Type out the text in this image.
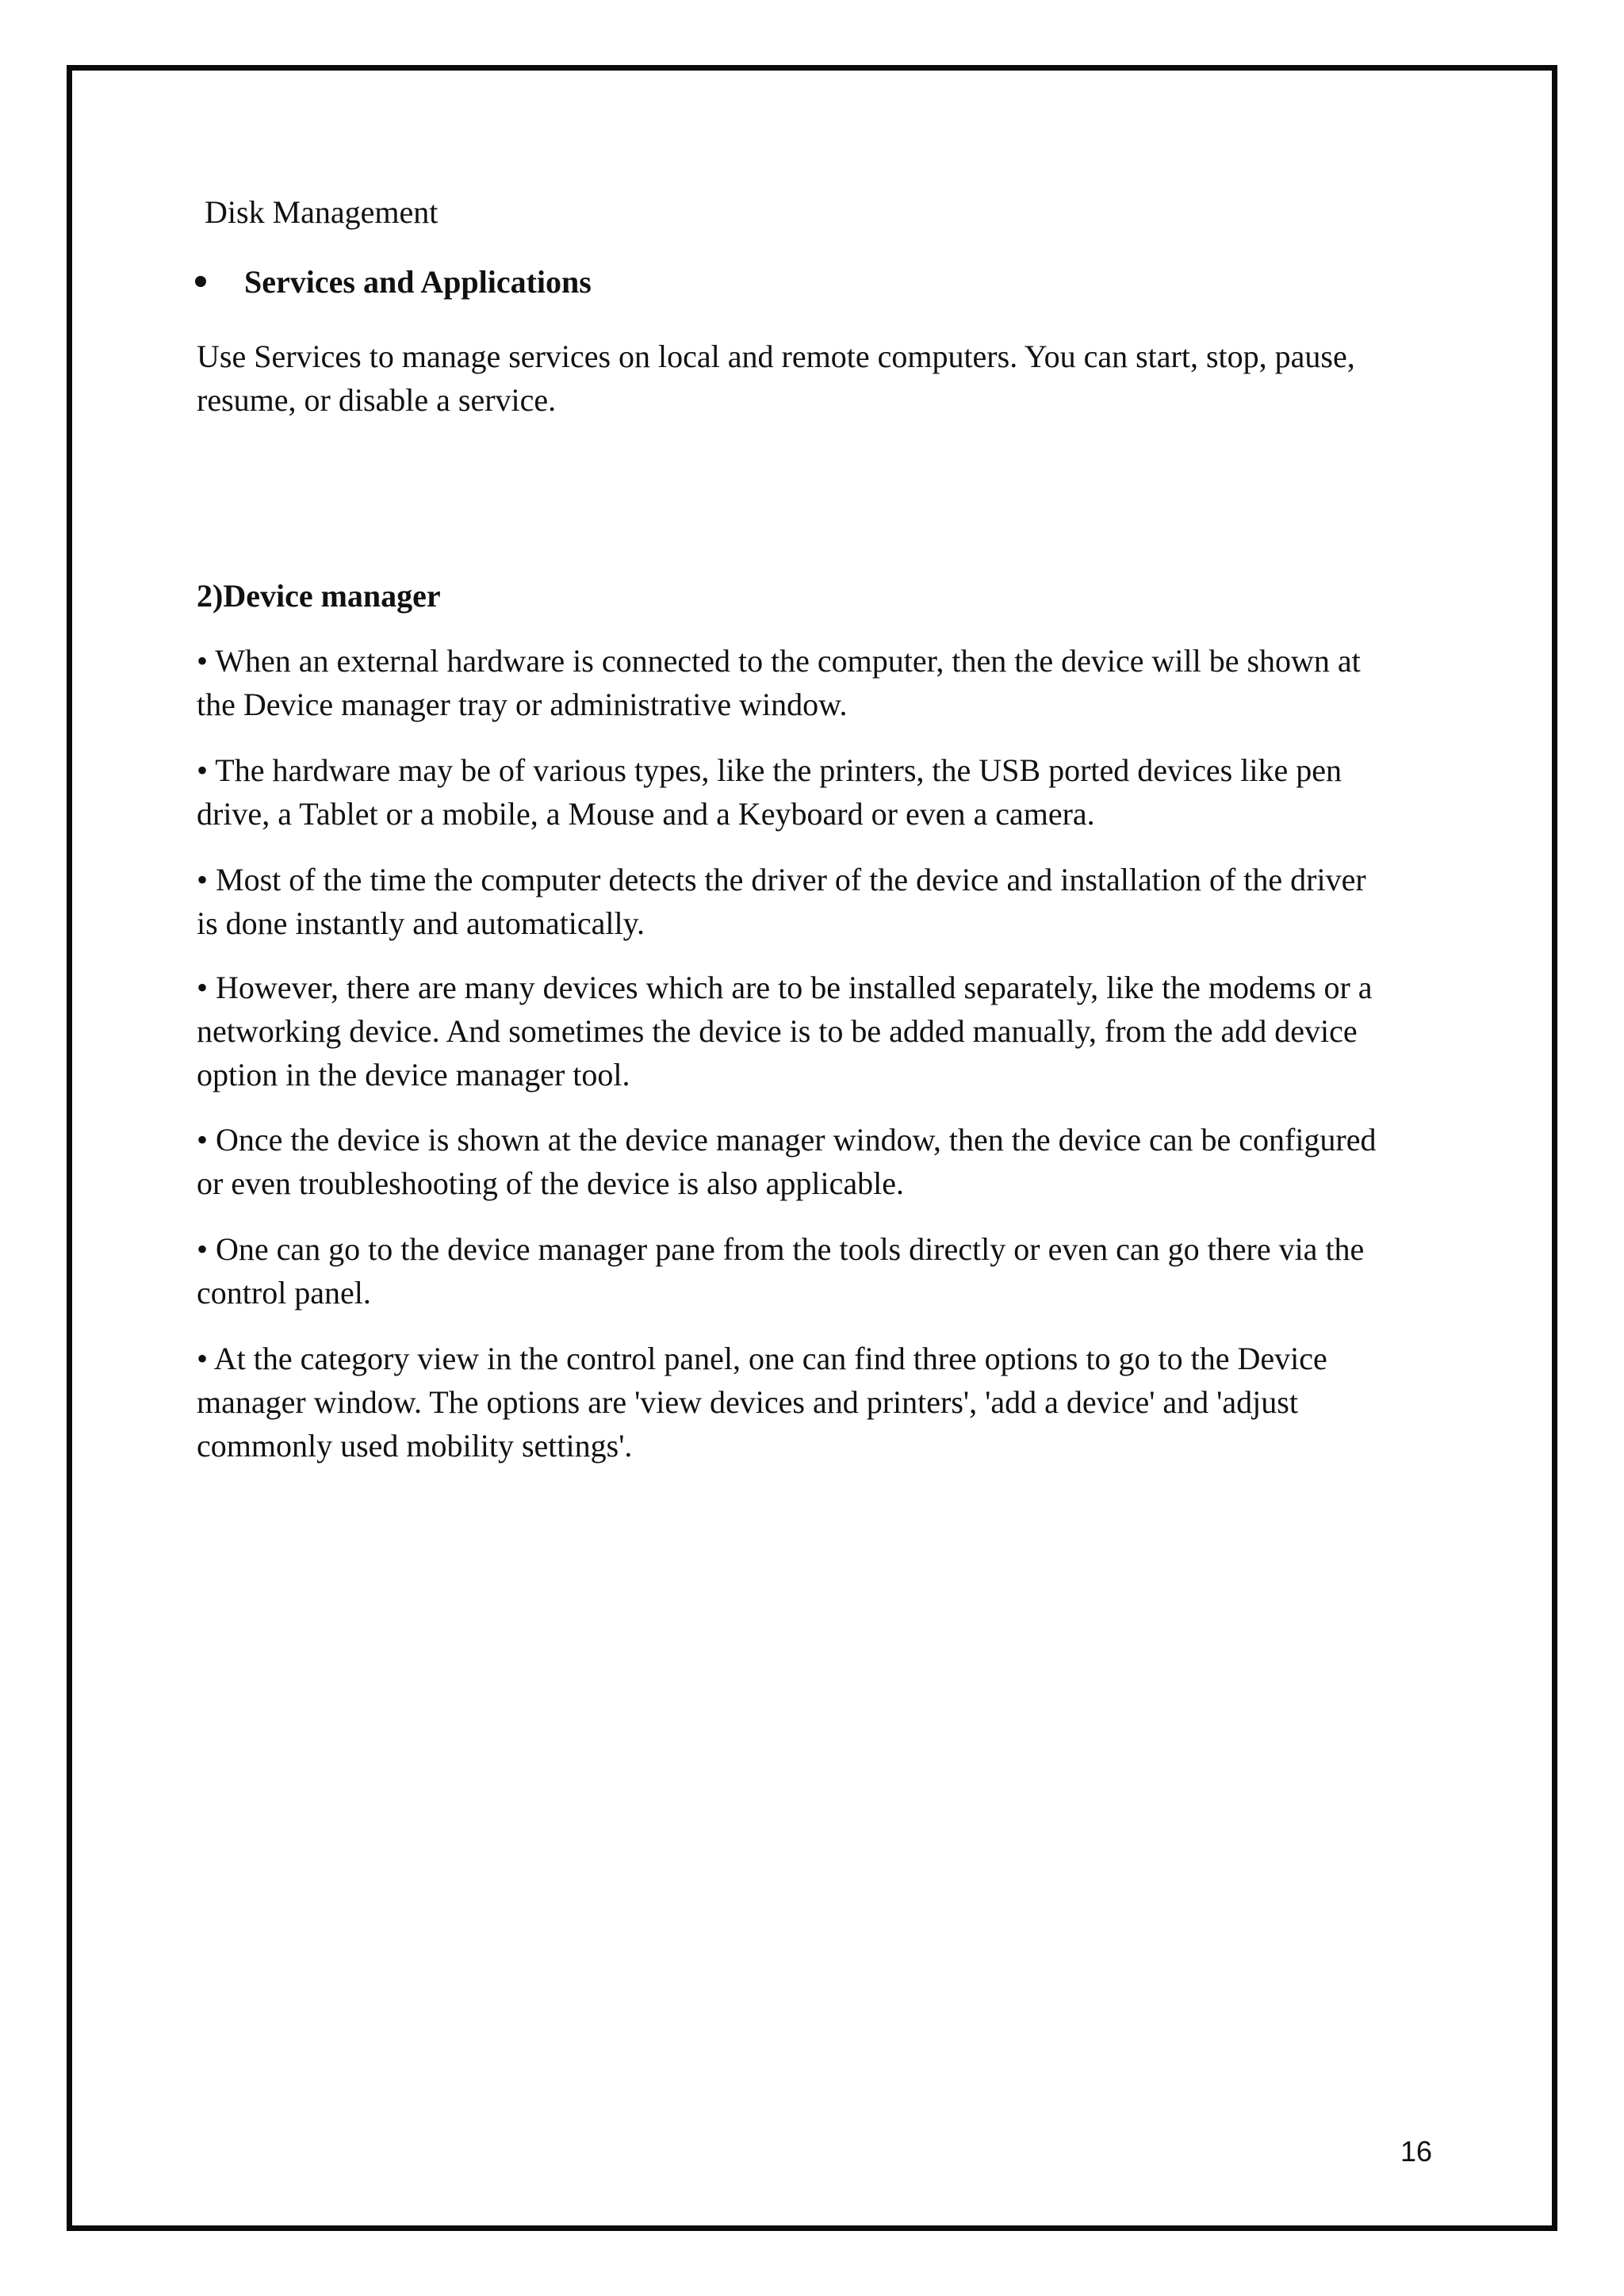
Disk Management
Services and Applications
Use Services to manage services on local and remote computers. You can start, stop, pause,
resume, or disable a service.
2)Device manager
• When an external hardware is connected to the computer, then the device will be shown at
the Device manager tray or administrative window.
• The hardware may be of various types, like the printers, the USB ported devices like pen
drive, a Tablet or a mobile, a Mouse and a Keyboard or even a camera.
• Most of the time the computer detects the driver of the device and installation of the driver
is done instantly and automatically.
• However, there are many devices which are to be installed separately, like the modems or a
networking device. And sometimes the device is to be added manually, from the add device
option in the device manager tool.
• Once the device is shown at the device manager window, then the device can be configured
or even troubleshooting of the device is also applicable.
• One can go to the device manager pane from the tools directly or even can go there via the
control panel.
• At the category view in the control panel, one can find three options to go to the Device
manager window. The options are 'view devices and printers', 'add a device' and 'adjust
commonly used mobility settings'.
16
